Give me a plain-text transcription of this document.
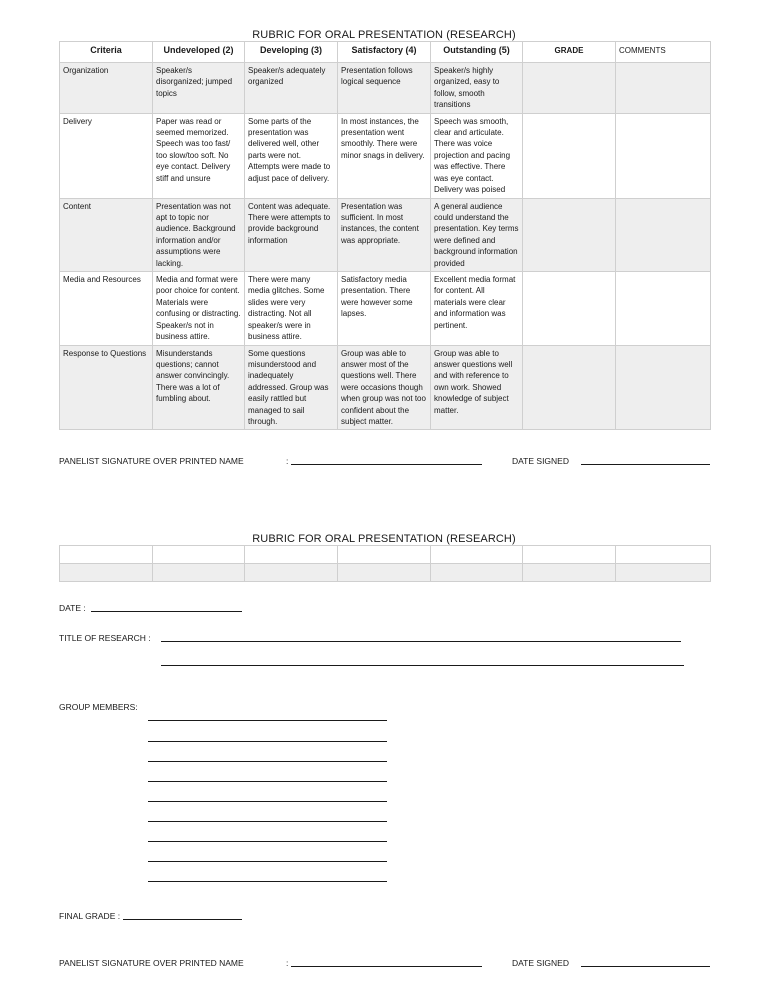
RUBRIC FOR ORAL PRESENTATION (RESEARCH)
Criteria	Undeveloped (2)	Developing (3)	Satisfactory (4)	Outstanding (5)	GRADE	COMMENTS
Organization	Speaker/s disorganized; jumped topics	Speaker/s adequately organized	Presentation follows logical sequence	Speaker/s highly organized, easy to follow, smooth transitions		
Delivery	Paper was read or seemed memorized. Speech was too fast/ too slow/too soft. No eye contact. Delivery stiff and unsure	Some parts of the presentation was delivered well, other parts were not. Attempts were made to adjust pace of delivery.	In most instances, the presentation went smoothly. There were minor snags in delivery.	Speech was smooth, clear and articulate. There was voice projection and pacing was effective. There was eye contact. Delivery was poised		
Content	Presentation was not apt to topic nor audience. Background information and/or assumptions were lacking.	Content was adequate. There were attempts to provide background information	Presentation was sufficient. In most instances, the content was appropriate.	A general audience could understand the presentation. Key terms were defined and background information provided		
Media and Resources	Media and format were poor choice for content. Materials were confusing or distracting. Speaker/s not in business attire.	There were many media glitches. Some slides were very distracting. Not all speaker/s were in business attire.	Satisfactory media presentation. There were however some lapses.	Excellent media format for content. All materials were clear and information was pertinent.		
Response to Questions	Misunderstands questions; cannot answer convincingly. There was a lot of fumbling about.	Some questions misunderstood and inadequately addressed. Group was easily rattled but managed to sail through.	Group was able to answer most of the questions well. There were occasions though when group was not too confident about the subject matter.	Group was able to answer questions well and with reference to own work. Showed knowledge of subject matter.		
PANELIST SIGNATURE OVER PRINTED NAME	:	DATE SIGNED
RUBRIC FOR ORAL PRESENTATION (RESEARCH)

DATE :
TITLE OF RESEARCH :
GROUP MEMBERS:
FINAL GRADE :
PANELIST SIGNATURE OVER PRINTED NAME	:	DATE SIGNED
